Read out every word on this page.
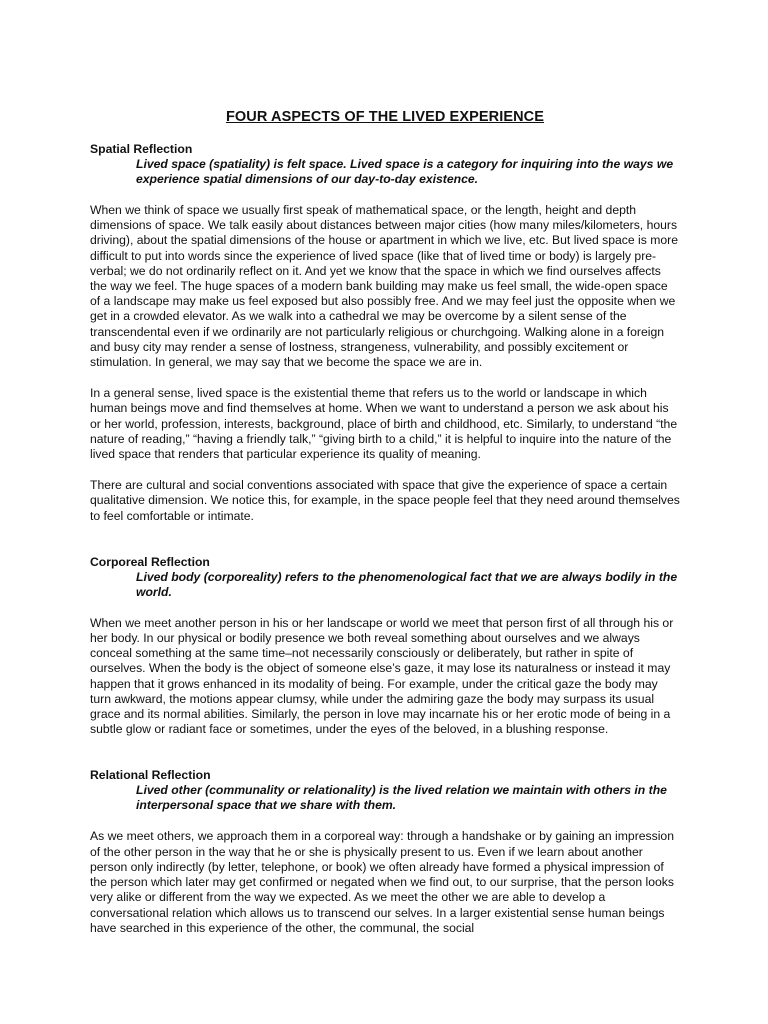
FOUR ASPECTS OF THE LIVED EXPERIENCE
Spatial Reflection

Lived space (spatiality) is felt space. Lived space is a category for inquiring into the ways we experience spatial dimensions of our day-to-day existence.

When we think of space we usually first speak of mathematical space, or the length, height and depth dimensions of space. We talk easily about distances between major cities (how many miles/kilometers, hours driving), about the spatial dimensions of the house or apartment in which we live, etc. But lived space is more difficult to put into words since the experience of lived space (like that of lived time or body) is largely pre-verbal; we do not ordinarily reflect on it. And yet we know that the space in which we find ourselves affects the way we feel. The huge spaces of a modern bank building may make us feel small, the wide-open space of a landscape may make us feel exposed but also possibly free. And we may feel just the opposite when we get in a crowded elevator. As we walk into a cathedral we may be overcome by a silent sense of the transcendental even if we ordinarily are not particularly religious or churchgoing. Walking alone in a foreign and busy city may render a sense of lostness, strangeness, vulnerability, and possibly excitement or stimulation. In general, we may say that we become the space we are in.

In a general sense, lived space is the existential theme that refers us to the world or landscape in which human beings move and find themselves at home. When we want to understand a person we ask about his or her world, profession, interests, background, place of birth and childhood, etc. Similarly, to understand “the nature of reading,” “having a friendly talk,” “giving birth to a child,” it is helpful to inquire into the nature of the lived space that renders that particular experience its quality of meaning.

There are cultural and social conventions associated with space that give the experience of space a certain qualitative dimension. We notice this, for example, in the space people feel that they need around themselves to feel comfortable or intimate.

Corporeal Reflection

Lived body (corporeality) refers to the phenomenological fact that we are always bodily in the world.

When we meet another person in his or her landscape or world we meet that person first of all through his or her body. In our physical or bodily presence we both reveal something about ourselves and we always conceal something at the same time–not necessarily consciously or deliberately, but rather in spite of ourselves. When the body is the object of someone else’s gaze, it may lose its naturalness or instead it may happen that it grows enhanced in its modality of being. For example, under the critical gaze the body may turn awkward, the motions appear clumsy, while under the admiring gaze the body may surpass its usual grace and its normal abilities. Similarly, the person in love may incarnate his or her erotic mode of being in a subtle glow or radiant face or sometimes, under the eyes of the beloved, in a blushing response.

Relational Reflection

Lived other (communality or relationality) is the lived relation we maintain with others in the interpersonal space that we share with them.

As we meet others, we approach them in a corporeal way: through a handshake or by gaining an impression of the other person in the way that he or she is physically present to us. Even if we learn about another person only indirectly (by letter, telephone, or book) we often already have formed a physical impression of the person which later may get confirmed or negated when we find out, to our surprise, that the person looks very alike or different from the way we expected. As we meet the other we are able to develop a conversational relation which allows us to transcend our selves. In a larger existential sense human beings have searched in this experience of the other, the communal, the social
